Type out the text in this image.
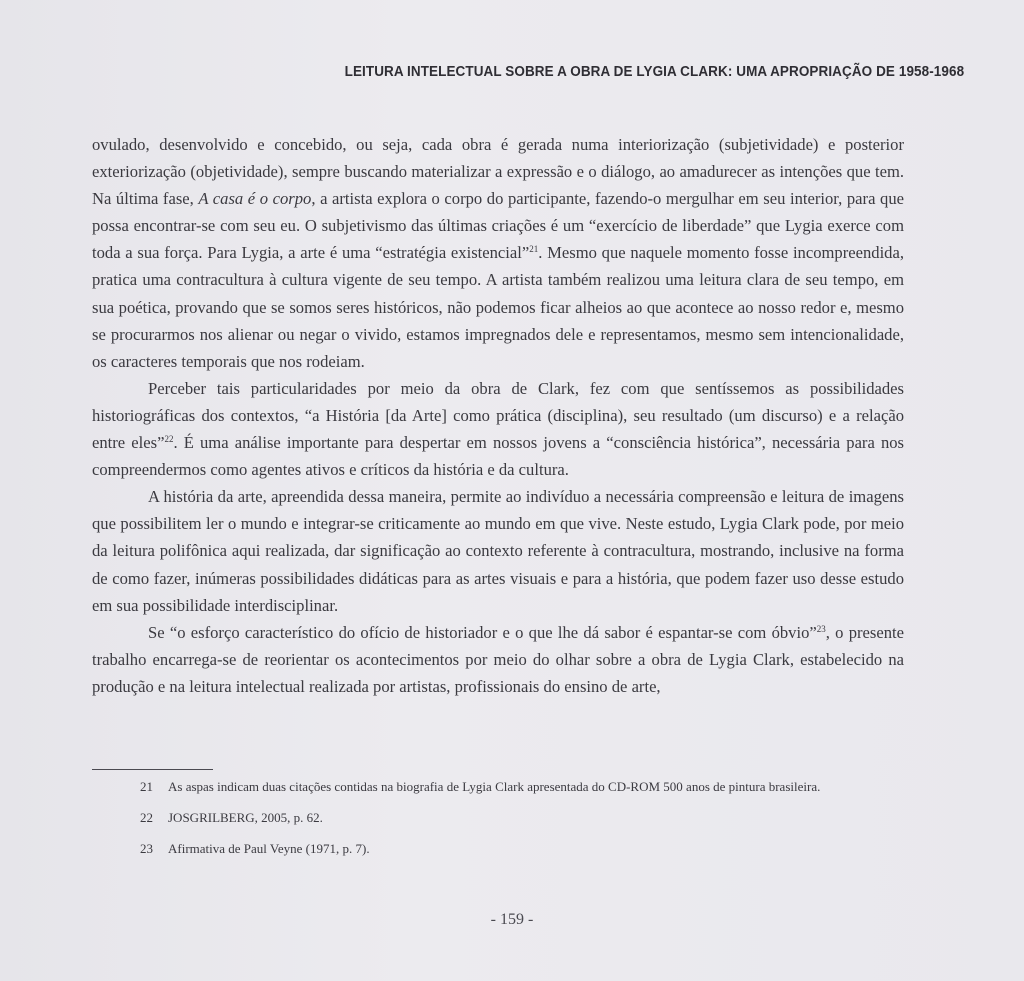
LEITURA INTELECTUAL SOBRE A OBRA DE LYGIA CLARK: UMA APROPRIAÇÃO DE 1958-1968

ovulado, desenvolvido e concebido, ou seja, cada obra é gerada numa interiorização (subjetividade) e posterior exteriorização (objetividade), sempre buscando materializar a expressão e o diálogo, ao amadurecer as intenções que tem. Na última fase, A casa é o corpo, a artista explora o corpo do participante, fazendo-o mergulhar em seu interior, para que possa encontrar-se com seu eu. O subjetivismo das últimas criações é um “exercício de liberdade” que Lygia exerce com toda a sua força. Para Lygia, a arte é uma “estratégia existencial”$^{21}$. Mesmo que naquele momento fosse incompreendida, pratica uma contracultura à cultura vigente de seu tempo. A artista também realizou uma leitura clara de seu tempo, em sua poética, provando que se somos seres históricos, não podemos ficar alheios ao que acontece ao nosso redor e, mesmo se procurarmos nos alienar ou negar o vivido, estamos impregnados dele e representamos, mesmo sem intencionalidade, os caracteres temporais que nos rodeiam.

Perceber tais particularidades por meio da obra de Clark, fez com que sentíssemos as possibilidades historiográficas dos contextos, “a História [da Arte] como prática (disciplina), seu resultado (um discurso) e a relação entre eles”$^{22}$. É uma análise importante para despertar em nossos jovens a “consciência histórica”, necessária para nos compreendermos como agentes ativos e críticos da história e da cultura.

A história da arte, apreendida dessa maneira, permite ao indivíduo a necessária compreensão e leitura de imagens que possibilitem ler o mundo e integrar-se criticamente ao mundo em que vive. Neste estudo, Lygia Clark pode, por meio da leitura polifônica aqui realizada, dar significação ao contexto referente à contracultura, mostrando, inclusive na forma de como fazer, inúmeras possibilidades didáticas para as artes visuais e para a história, que podem fazer uso desse estudo em sua possibilidade interdisciplinar.

Se “o esforço característico do ofício de historiador e o que lhe dá sabor é espantar-se com óbvio”$^{23}$, o presente trabalho encarrega-se de reorientar os acontecimentos por meio do olhar sobre a obra de Lygia Clark, estabelecido na produção e na leitura intelectual realizada por artistas, profissionais do ensino de arte,

21	As aspas indicam duas citações contidas na biografia de Lygia Clark apresentada do CD-ROM 500 anos de pintura brasileira.
22	JOSGRILBERG, 2005, p. 62.
23	Afirmativa de Paul Veyne (1971, p. 7).
- 159 -
